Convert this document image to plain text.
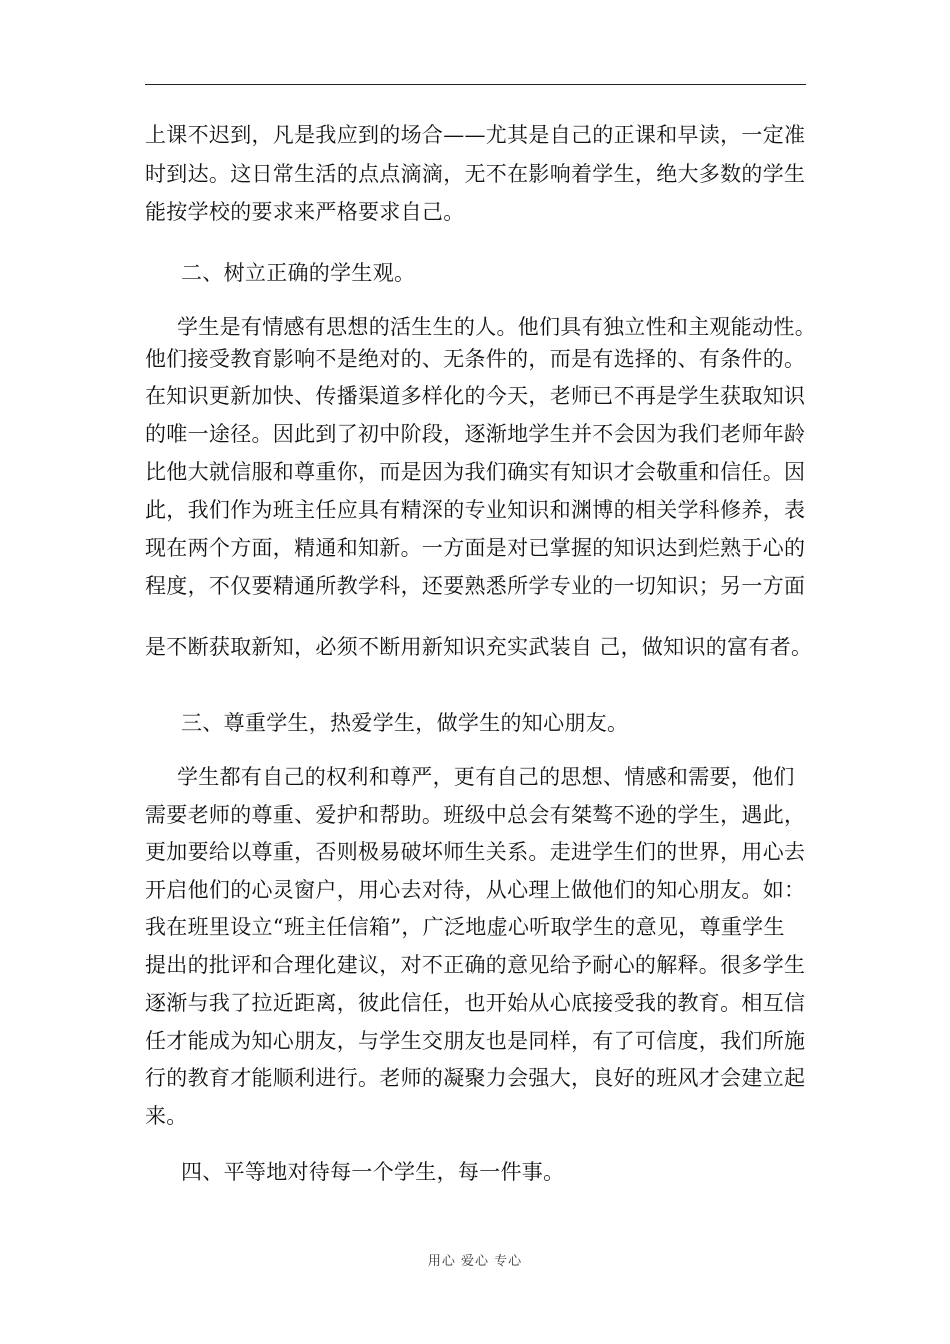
上课不迟到，凡是我应到的场合——尤其是自己的正课和早读，一定准
时到达。这日常生活的点点滴滴，无不在影响着学生，绝大多数的学生
能按学校的要求来严格要求自己。
二、树立正确的学生观。
学生是有情感有思想的活生生的人。他们具有独立性和主观能动性。
他们接受教育影响不是绝对的、无条件的，而是有选择的、有条件的。
在知识更新加快、传播渠道多样化的今天，老师已不再是学生获取知识
的唯一途径。因此到了初中阶段，逐渐地学生并不会因为我们老师年龄
比他大就信服和尊重你，而是因为我们确实有知识才会敬重和信任。因
此，我们作为班主任应具有精深的专业知识和渊博的相关学科修养，表
现在两个方面，精通和知新。一方面是对已掌握的知识达到烂熟于心的
程度，不仅要精通所教学科，还要熟悉所学专业的一切知识；另一方面
是不断获取新知，必须不断用新知识充实武装自 己，做知识的富有者。
三、尊重学生，热爱学生，做学生的知心朋友。
学生都有自己的权利和尊严，更有自己的思想、情感和需要，他们
需要老师的尊重、爱护和帮助。班级中总会有桀骜不逊的学生，遇此，
更加要给以尊重，否则极易破坏师生关系。走进学生们的世界，用心去
开启他们的心灵窗户，用心去对待，从心理上做他们的知心朋友。如：
我在班里设立“班主任信箱”，广泛地虚心听取学生的意见，尊重学生
提出的批评和合理化建议，对不正确的意见给予耐心的解释。很多学生
逐渐与我了拉近距离，彼此信任，也开始从心底接受我的教育。相互信
任才能成为知心朋友，与学生交朋友也是同样，有了可信度，我们所施
行的教育才能顺利进行。老师的凝聚力会强大，良好的班风才会建立起
来。
四、平等地对待每一个学生，每一件事。
用心 爱心 专心
